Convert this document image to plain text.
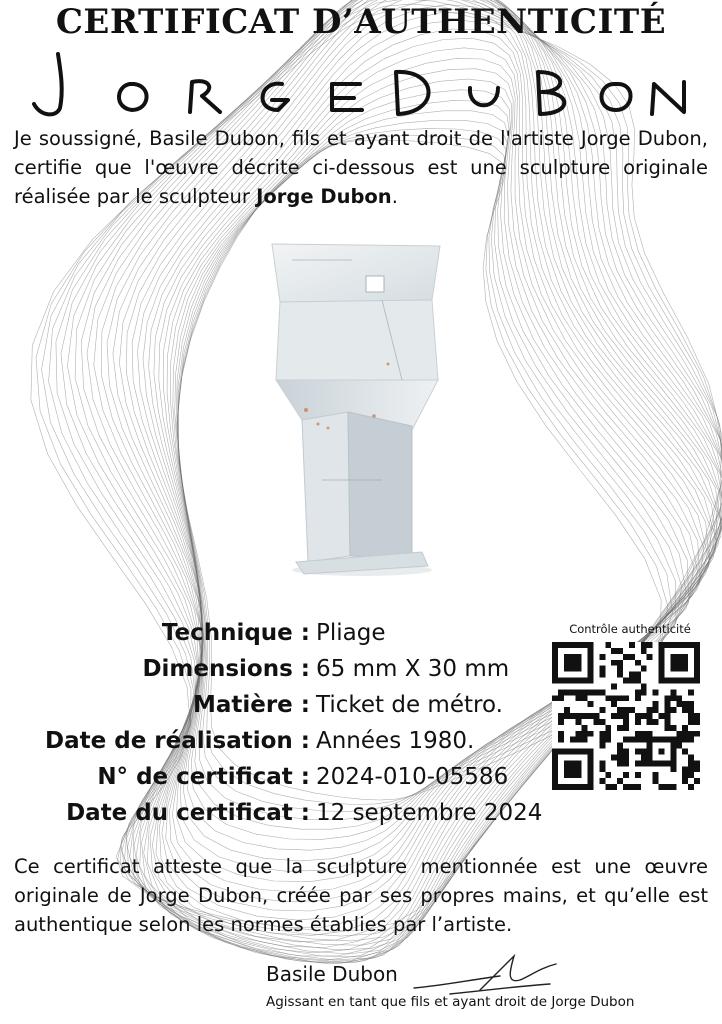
CERTIFICAT D’AUTHENTICITÉ
Je soussigné, Basile Dubon, fils et ayant droit de l'artiste Jorge Dubon, certifie que l'œuvre décrite ci-dessous est une sculpture originale réalisée par le sculpteur Jorge Dubon.
Technique : Pliage
Dimensions : 65 mm X 30 mm
Matière : Ticket de métro.
Date de réalisation : Années 1980.
N° de certificat : 2024-010-05586
Date du certificat : 12 septembre 2024
Contrôle authenticité
Ce certificat atteste que la sculpture mentionnée est une œuvre originale de Jorge Dubon, créée par ses propres mains, et qu’elle est authentique selon les normes établies par l’artiste.
Basile Dubon
Agissant en tant que fils et ayant droit de Jorge Dubon
